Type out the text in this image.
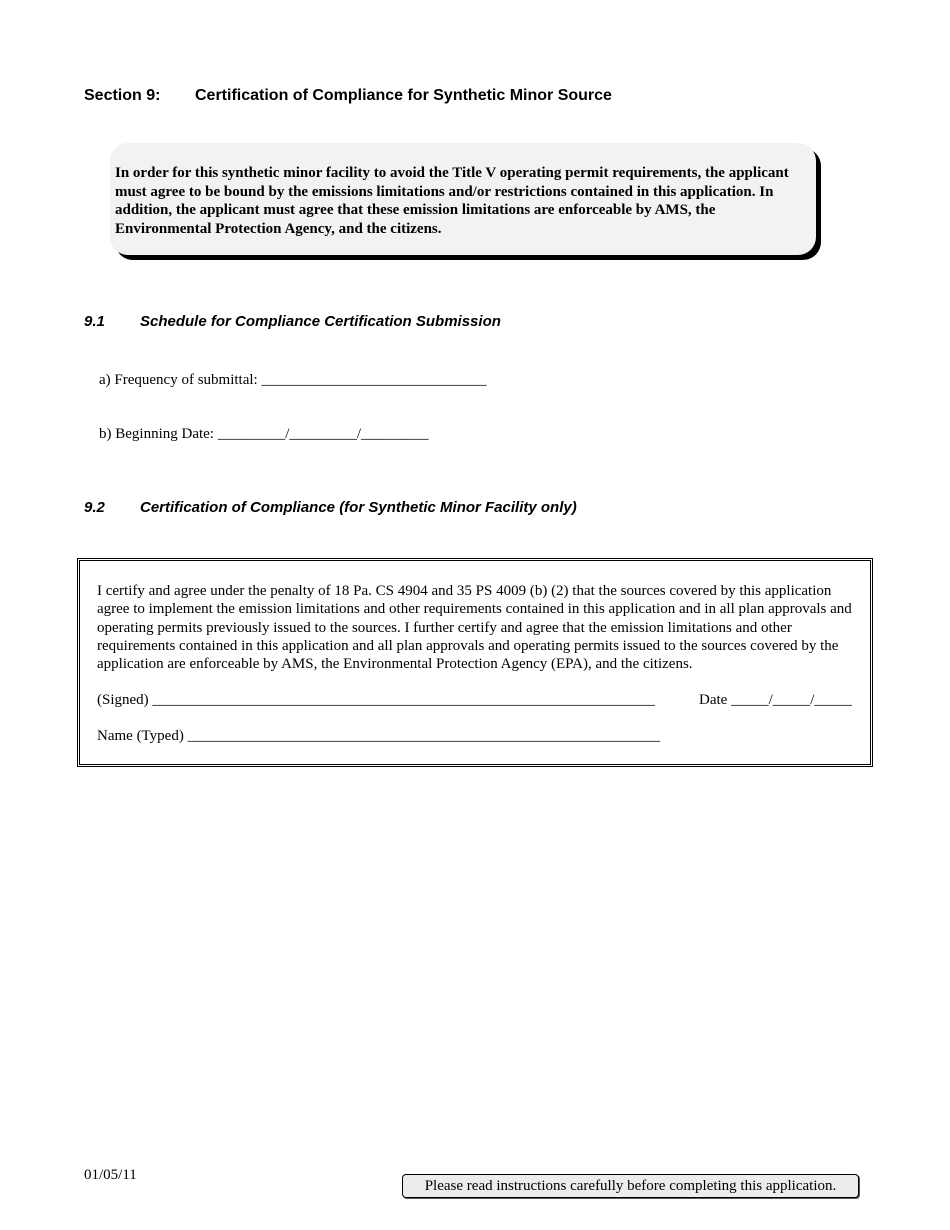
Section 9: Certification of Compliance for Synthetic Minor Source
In order for this synthetic minor facility to avoid the Title V operating permit requirements, the applicant must agree to be bound by the emissions limitations and/or restrictions contained in this application. In addition, the applicant must agree that these emission limitations are enforceable by AMS, the Environmental Protection Agency, and the citizens.
9.1 Schedule for Compliance Certification Submission
a) Frequency of submittal: ______________________________
b) Beginning Date: _________/_________/_________
9.2 Certification of Compliance (for Synthetic Minor Facility only)
I certify and agree under the penalty of 18 Pa. CS 4904 and 35 PS 4009 (b) (2) that the sources covered by this application agree to implement the emission limitations and other requirements contained in this application and in all plan approvals and operating permits previously issued to the sources. I further certify and agree that the emission limitations and other requirements contained in this application and all plan approvals and operating permits issued to the sources covered by the application are enforceable by AMS, the Environmental Protection Agency (EPA), and the citizens.
(Signed) ___________________________________________________________________	Date _____/_____/_____
Name (Typed) _______________________________________________________________
01/05/11
Please read instructions carefully before completing this application.
